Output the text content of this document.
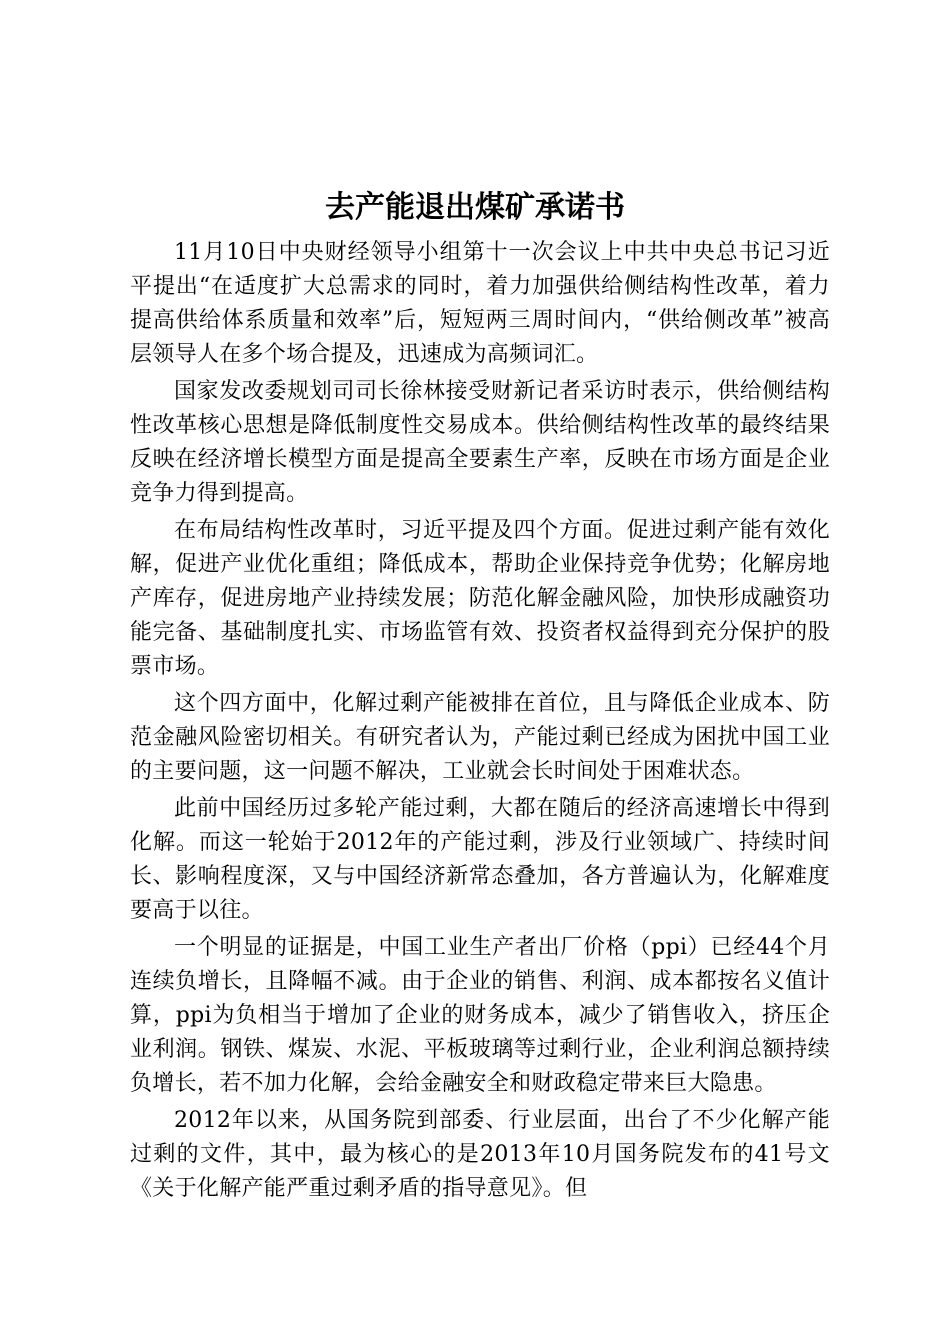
去产能退出煤矿承诺书

11月10日中央财经领导小组第十一次会议上中共中央总书记习近平提出“在适度扩大总需求的同时，着力加强供给侧结构性改革，着力提高供给体系质量和效率”后，短短两三周时间内，“供给侧改革”被高层领导人在多个场合提及，迅速成为高频词汇。

国家发改委规划司司长徐林接受财新记者采访时表示，供给侧结构性改革核心思想是降低制度性交易成本。供给侧结构性改革的最终结果反映在经济增长模型方面是提高全要素生产率，反映在市场方面是企业竞争力得到提高。

在布局结构性改革时，习近平提及四个方面。促进过剩产能有效化解，促进产业优化重组；降低成本，帮助企业保持竞争优势；化解房地产库存，促进房地产业持续发展；防范化解金融风险，加快形成融资功能完备、基础制度扎实、市场监管有效、投资者权益得到充分保护的股票市场。

这个四方面中，化解过剩产能被排在首位，且与降低企业成本、防范金融风险密切相关。有研究者认为，产能过剩已经成为困扰中国工业的主要问题，这一问题不解决，工业就会长时间处于困难状态。

此前中国经历过多轮产能过剩，大都在随后的经济高速增长中得到化解。而这一轮始于2012年的产能过剩，涉及行业领域广、持续时间长、影响程度深，又与中国经济新常态叠加，各方普遍认为，化解难度要高于以往。

一个明显的证据是，中国工业生产者出厂价格（ppi）已经44个月连续负增长，且降幅不减。由于企业的销售、利润、成本都按名义值计算，ppi为负相当于增加了企业的财务成本，减少了销售收入，挤压企业利润。钢铁、煤炭、水泥、平板玻璃等过剩行业，企业利润总额持续负增长，若不加力化解，会给金融安全和财政稳定带来巨大隐患。

2012年以来，从国务院到部委、行业层面，出台了不少化解产能过剩的文件，其中，最为核心的是2013年10月国务院发布的41号文《关于化解产能严重过剩矛盾的指导意见》。但
